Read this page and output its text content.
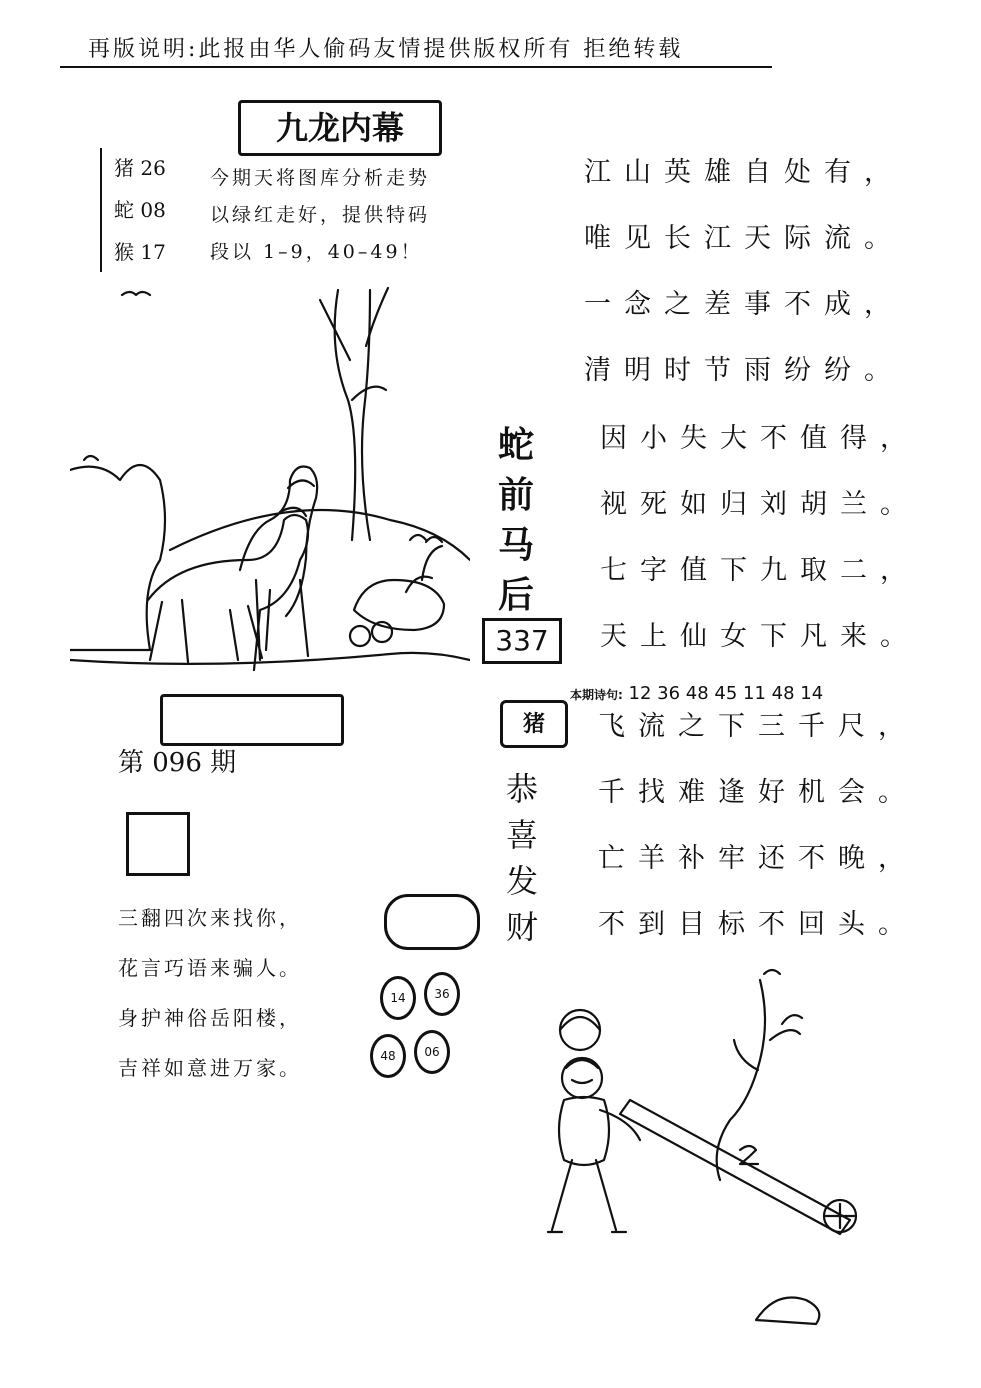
再版说明:此报由华人偷码友情提供版权所有 拒绝转载
猪 26
蛇 08
猴 17
九龙内幕
今期天将图库分析走势
以绿红走好，提供特码
段以 1–9，40–49！
江山英雄自处有，
唯见长江天际流。
一念之差事不成，
清明时节雨纷纷。
因小失大不值得，
视死如归刘胡兰。
七字值下九取二，
天上仙女下凡来。
蛇
前
马
后
337
猪
恭
喜
发
财
第 096 期
三翻四次来找你，
花言巧语来骗人。
身护神俗岳阳楼，
吉祥如意进万家。
本期诗句: 12 36 48 45 11 48 14
飞流之下三千尺，
千找难逢好机会。
亡羊补牢还不晚，
不到目标不回头。
14	36
48	06
